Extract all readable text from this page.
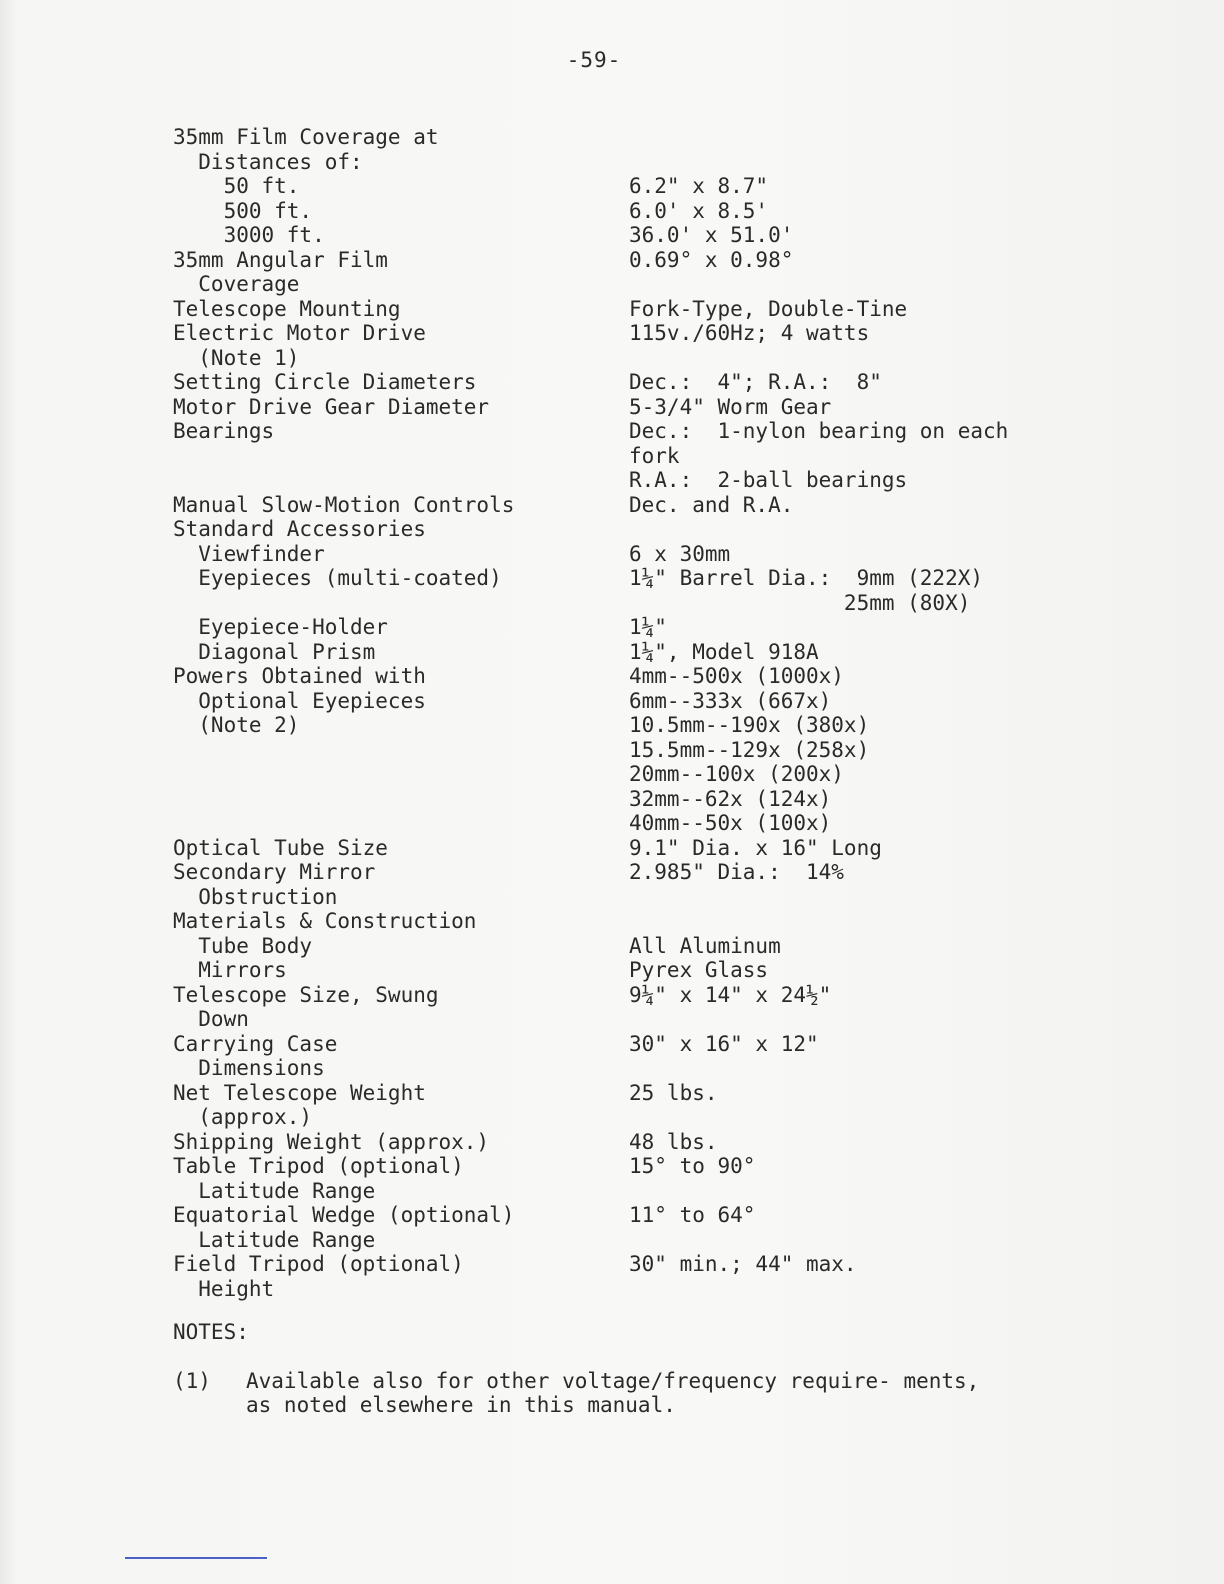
-59-
35mm Film Coverage at
Distances of:
50 ft.	6.2" x 8.7"
500 ft.	6.0' x 8.5'
3000 ft.	36.0' x 51.0'
35mm Angular Film	0.69° x 0.98°
Coverage
Telescope Mounting	Fork-Type, Double-Tine
Electric Motor Drive	115v./60Hz; 4 watts
(Note 1)
Setting Circle Diameters	Dec.:  4"; R.A.:  8"
Motor Drive Gear Diameter	5-3/4" Worm Gear
Bearings	Dec.:  1-nylon bearing on each
fork
R.A.:  2-ball bearings
Manual Slow-Motion Controls	Dec. and R.A.
Standard Accessories
Viewfinder	6 x 30mm
Eyepieces (multi-coated)	1¼" Barrel Dia.:  9mm (222X)
25mm (80X)
Eyepiece-Holder	1¼"
Diagonal Prism	1¼", Model 918A
Powers Obtained with	4mm--500x (1000x)
Optional Eyepieces	6mm--333x (667x)
(Note 2)	10.5mm--190x (380x)
15.5mm--129x (258x)
20mm--100x (200x)
32mm--62x (124x)
40mm--50x (100x)
Optical Tube Size	9.1" Dia. x 16" Long
Secondary Mirror	2.985" Dia.:  14%
Obstruction
Materials & Construction
Tube Body	All Aluminum
Mirrors	Pyrex Glass
Telescope Size, Swung	9¼" x 14" x 24½"
Down
Carrying Case	30" x 16" x 12"
Dimensions
Net Telescope Weight	25 lbs.
(approx.)
Shipping Weight (approx.)	48 lbs.
Table Tripod (optional)	15° to 90°
Latitude Range
Equatorial Wedge (optional)	11° to 64°
Latitude Range
Field Tripod (optional)	30" min.; 44" max.
Height
NOTES:
(1)	Available also for other voltage/frequency require- ments, as noted elsewhere in this manual.
